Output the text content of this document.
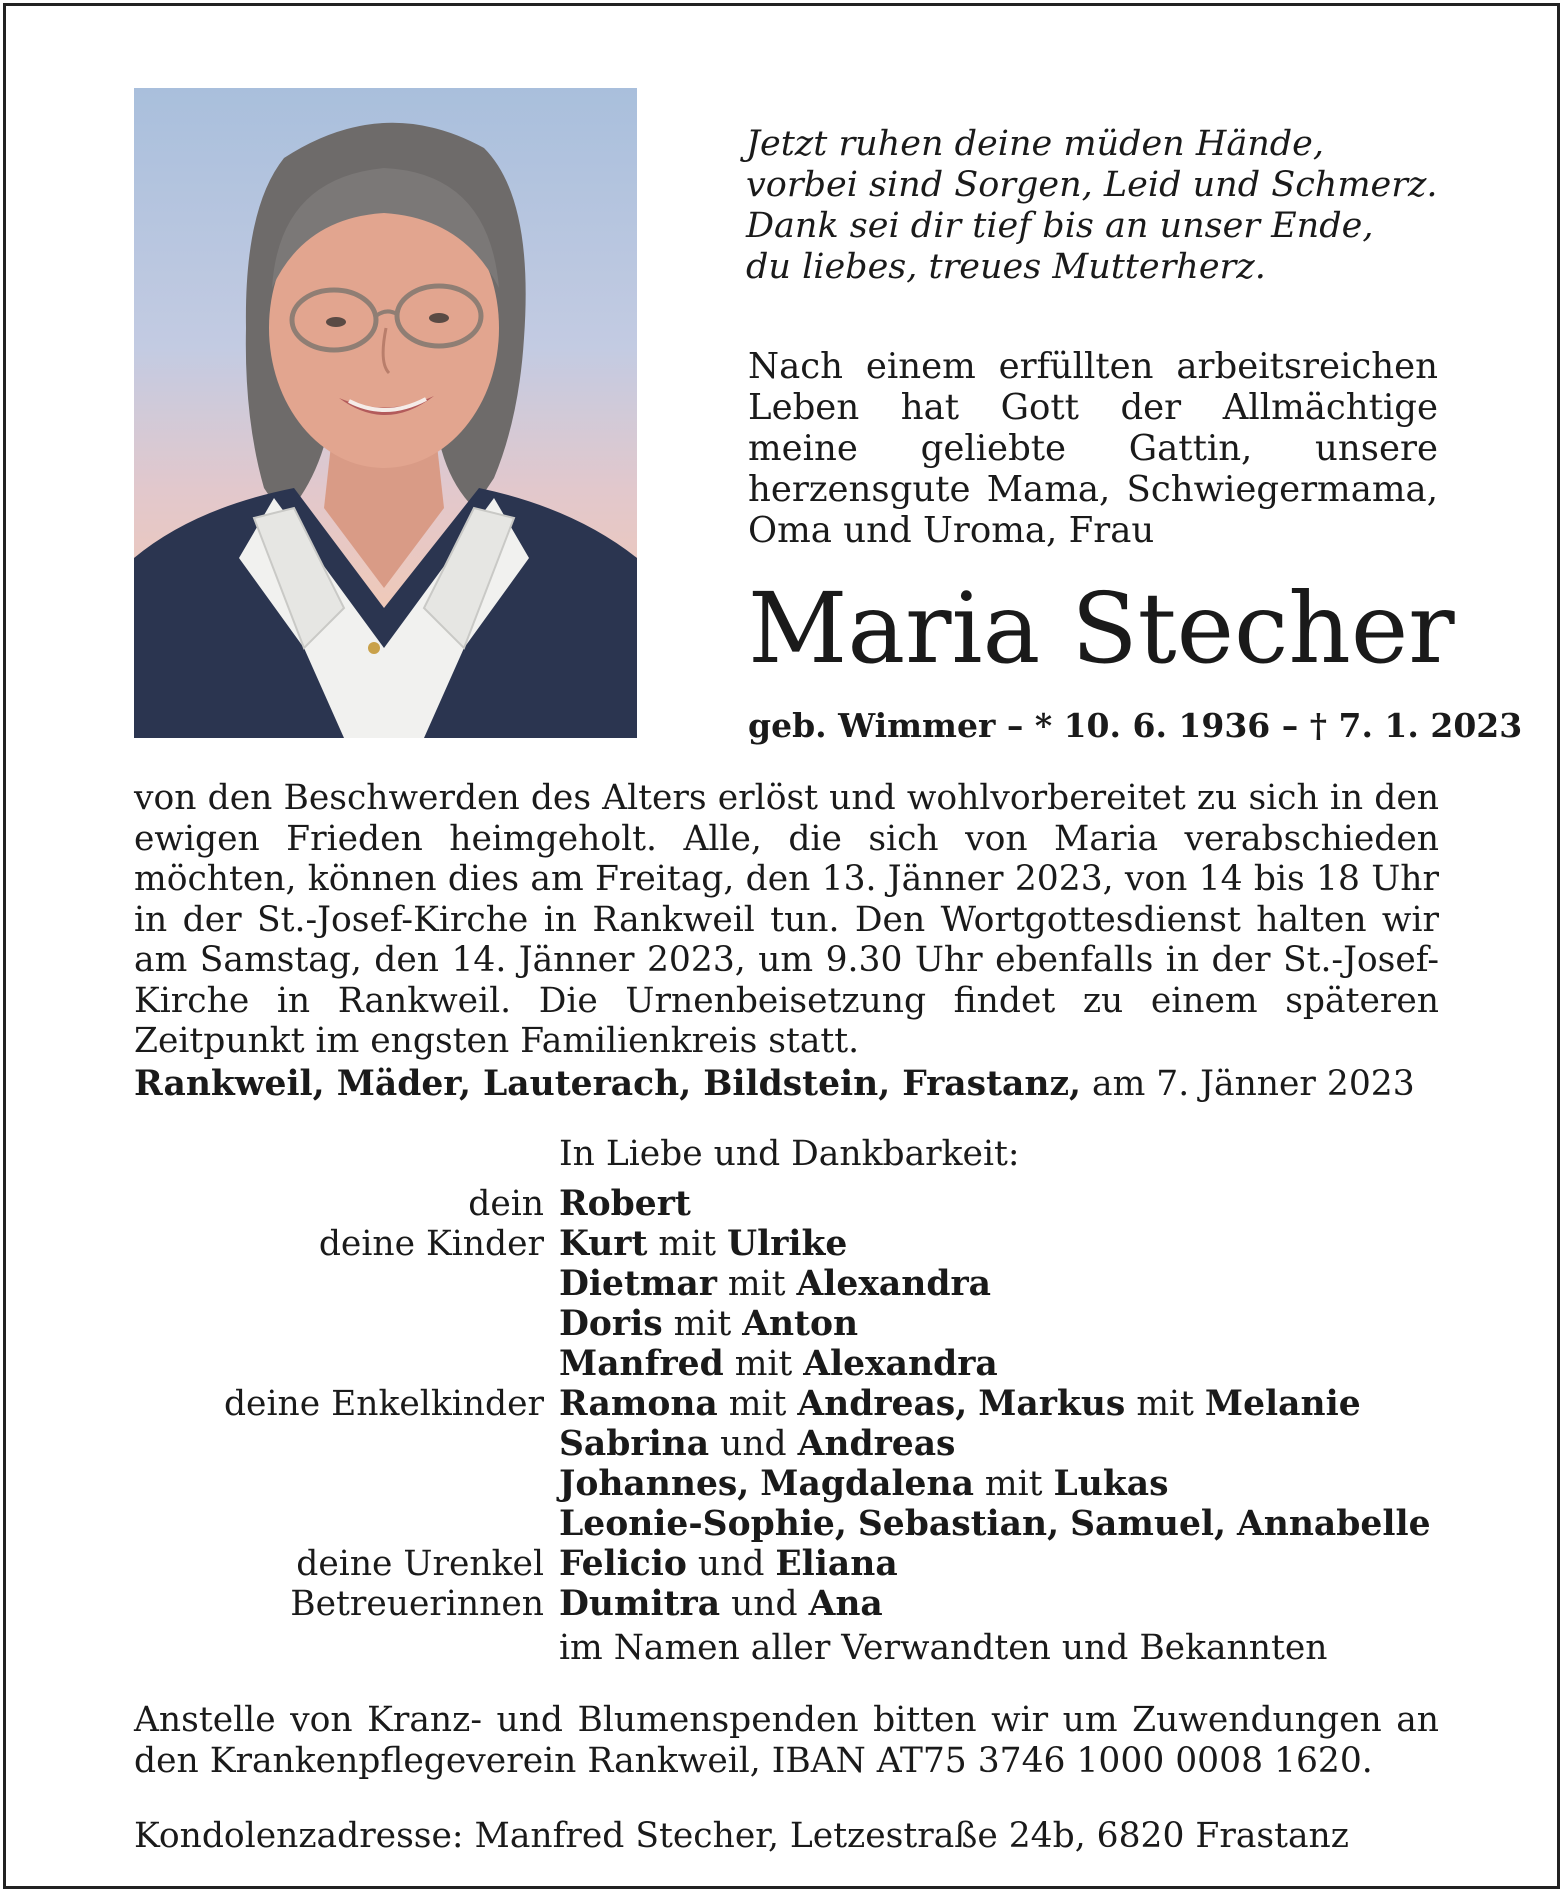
Jetzt ruhen deine müden Hände,
vorbei sind Sorgen, Leid und Schmerz.
Dank sei dir tief bis an unser Ende,
du liebes, treues Mutterherz.

Nach einem erfüllten arbeitsreichen Leben hat Gott der Allmächtige meine geliebte Gattin, unsere herzensgute Mama, Schwiegermama, Oma und Uroma, Frau

Maria Stecher
geb. Wimmer – * 10. 6. 1936 – † 7. 1. 2023

von den Beschwerden des Alters erlöst und wohlvorbereitet zu sich in den ewigen Frieden heimgeholt. Alle, die sich von Maria verabschieden möchten, können dies am Freitag, den 13. Jänner 2023, von 14 bis 18 Uhr in der St.-Josef-Kirche in Rankweil tun. Den Wortgottesdienst halten wir am Samstag, den 14. Jänner 2023, um 9.30 Uhr ebenfalls in der St.-Josef-Kirche in Rankweil. Die Urnenbeisetzung findet zu einem späteren Zeitpunkt im engsten Familienkreis statt.

Rankweil, Mäder, Lauterach, Bildstein, Frastanz, am 7. Jänner 2023
In Liebe und Dankbarkeit:
dein Robert
deine Kinder Kurt mit Ulrike
Dietmar mit Alexandra
Doris mit Anton
Manfred mit Alexandra
deine Enkelkinder Ramona mit Andreas, Markus mit Melanie
Sabrina und Andreas
Johannes, Magdalena mit Lukas
Leonie-Sophie, Sebastian, Samuel, Annabelle
deine Urenkel Felicio und Eliana
Betreuerinnen Dumitra und Ana
im Namen aller Verwandten und Bekannten

Anstelle von Kranz- und Blumenspenden bitten wir um Zuwendungen an den Krankenpflegeverein Rankweil, IBAN AT75 3746 1000 0008 1620.

Kondolenzadresse: Manfred Stecher, Letzestraße 24b, 6820 Frastanz
